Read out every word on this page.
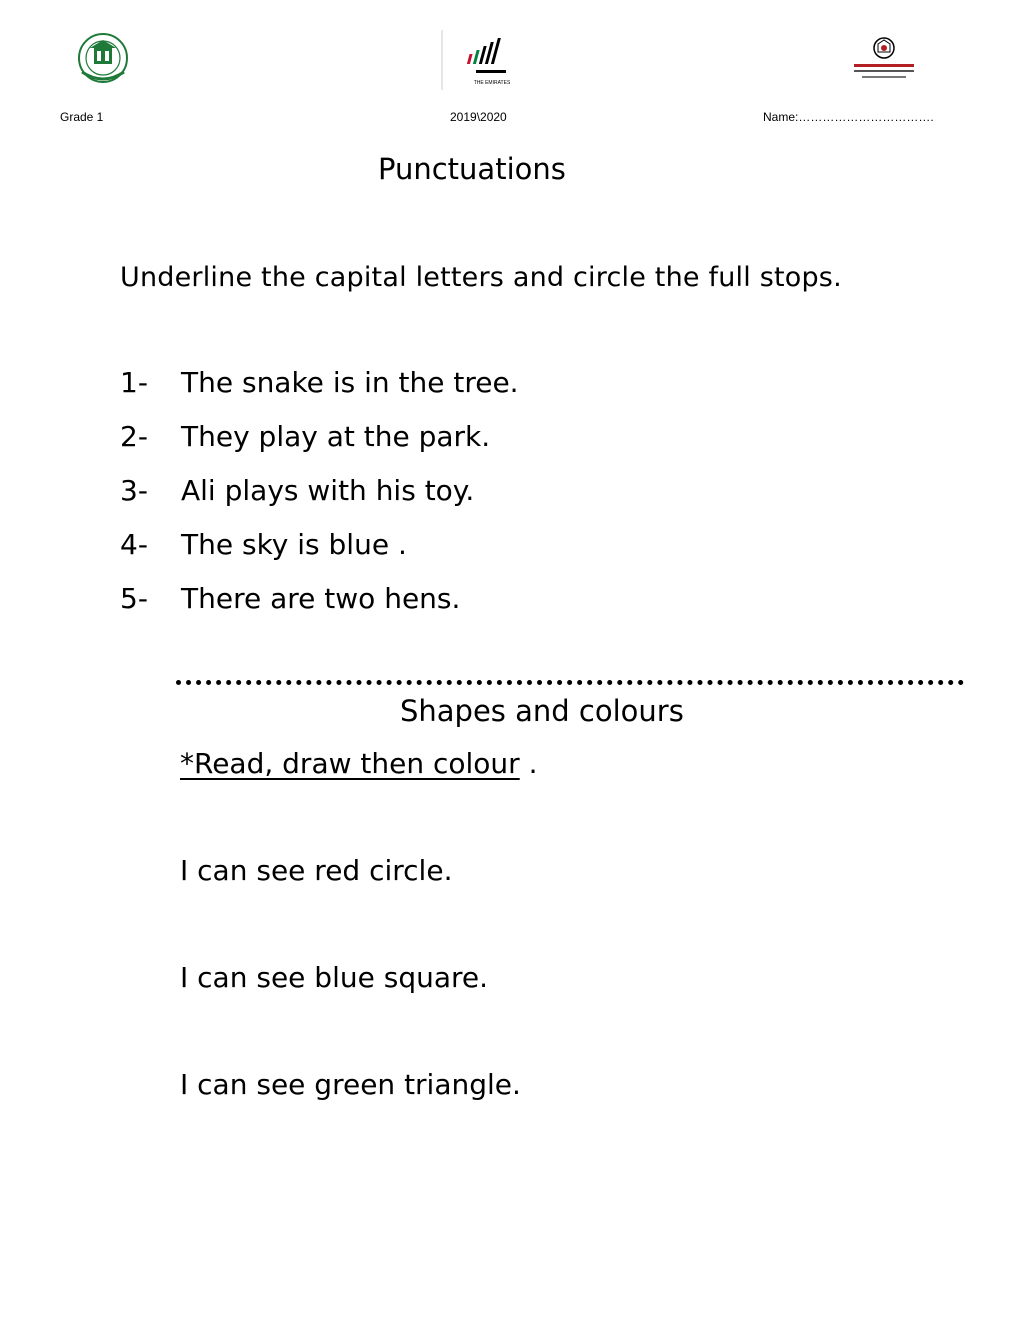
THE EMIRATES
Grade 1	2019\2020	Name:…………………………….
Punctuations

Underline the capital letters and circle the full stops.

1-	The snake is in the tree.
2-	They play at the park.
3-	Ali plays with his toy.
4-	The sky is blue .
5-	There are two hens.
Shapes and colours
*Read, draw then colour .

I can see red circle.

I can see blue square.

I can see green triangle.
